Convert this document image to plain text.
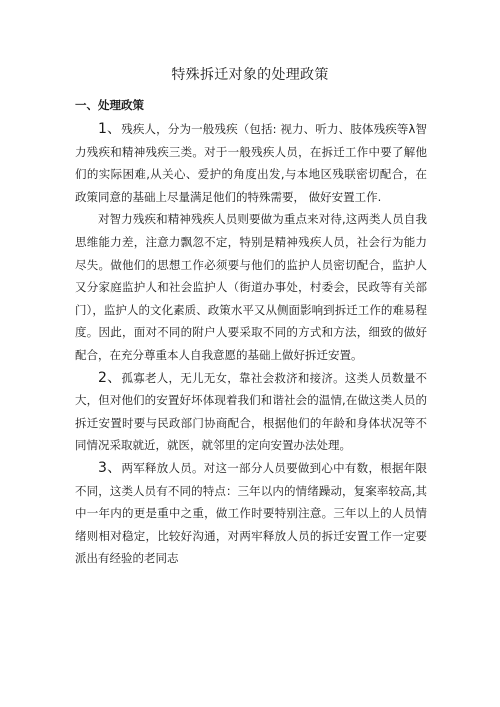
特殊拆迁对象的处理政策
一、处理政策

1、残疾人，分为一般残疾（包括: 视力、听力、肢体残疾等λ智力残疾和精神残疾三类。对于一般残疾人员，在拆迁工作中要了解他们的实际困难,从关心、爱护的角度出发,与本地区残联密切配合，在政策同意的基础上尽量满足他们的特殊需要， 做好安置工作.

对智力残疾和精神残疾人员则要做为重点来对待,这两类人员自我思维能力差，注意力飘忽不定，特别是精神残疾人员，社会行为能力尽失。做他们的思想工作必须要与他们的监护人员密切配合，监护人又分家庭监护人和社会监护人（街道办事处，村委会，民政等有关部门），监护人的文化素质、政策水平又从侧面影响到拆迁工作的难易程度。因此，面对不同的附户人要采取不同的方式和方法，细致的做好配合，在充分尊重本人自我意愿的基础上做好拆迁安置。

2、孤寡老人，无儿无女，靠社会救济和接济。这类人员数量不大，但对他们的安置好坏体现着我们和谐社会的温情,在做这类人员的拆迁安置时要与民政部门协商配合，根据他们的年龄和身体状况等不同情况采取就近，就医，就邻里的定向安置办法处理。

3、两军释放人员。对这一部分人员要做到心中有数，根据年限不同，这类人员有不同的特点：三年以内的情绪躁动，复案率较高,其中一年内的更是重中之重，做工作时要特别注意。三年以上的人员情绪则相对稳定，比较好沟通，对两牢释放人员的拆迁安置工作一定要派出有经验的老同志
